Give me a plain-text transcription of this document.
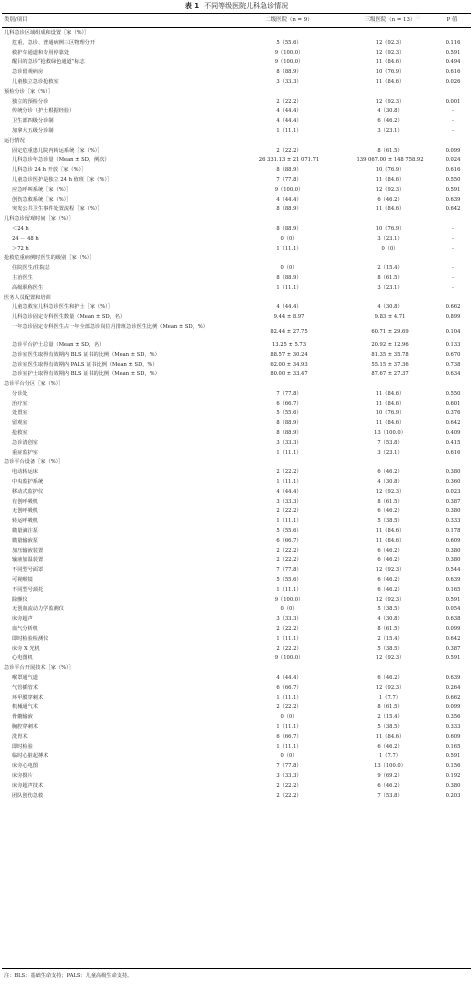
表 1 不同等级医院儿科急诊情况
类别/项目	二级医院（n = 9）	三级医院（n = 13）	P 值
⊙
儿科急诊区域组成和设置［家（%）］
危重、急诊、普通病例三区物理分开	5（55.6）	12（92.3）	0.116
救护车通道和专用停靠处	9（100.0）	12（92.3）	0.591
醒目的急诊“抢救绿色通道”标志	9（100.0）	11（84.6）	0.494
急诊留观病房	8（88.9）	10（76.9）	0.616
儿童独立急诊抢救室	3（33.3）	11（84.6）	0.026
预检分诊［家（%）］
独立的预检分诊	2（22.2）	12（92.3）	0.001
传统分诊（护士根据经验）	4（44.4）	4（30.8）	-
卫生部四级分诊制	4（44.4）	6（46.2）	-
加拿大五级分诊制	1（11.1）	3（23.1）	-
运行情况
固定危重患儿院内转运系统［家（%）］	2（22.2）	8（61.5）	0.099
儿科急诊年急诊量（Mean ± SD，例次）	26 331.13 ± 21 071.71	139 067.00 ± 148 758.92	0.024
儿科急诊 24 h 开放［家（%）］	8（88.9）	10（76.9）	0.616
儿童急诊医护是独立 24 h 值班［家（%）］	7（77.8）	11（84.6）	0.550
应急呼叫系统［家（%）］	9（100.0）	12（92.3）	0.591
创伤急救系统［家（%）］	4（44.4）	6（46.2）	0.639
突发公共卫生事件处置流程［家（%）］	8（88.9）	11（84.6）	0.642
儿科急诊留观时间［家（%）］
＜24 h	8（88.9）	10（76.9）	-
24 － 48 h	0（0）	3（23.1）	-
＞72 h	1（11.1）	0（0）	-
抢救危重病例时医生的级别［家（%）］
住院医生/住院总	0（0）	2（15.4）	-
主治医生	8（88.9）	8（61.5）	-
高级职称医生	1（11.1）	3（23.1）	-
医务人员配置和培训
儿童急救室儿科急诊医生和护士［家（%）］	4（44.4）	4（30.8）	0.662
儿科急诊固定专科医生数量（Mean ± SD，名）	9.44 ± 8.97	9.83 ± 4.71	0.899
一年急诊固定专科医生占一年全部急诊岗位月排班急诊医生比例（Mean ± SD，%）
82.44 ± 27.75	60.71 ± 29.69	0.104
急诊平台护士总量（Mean ± SD，名）	13.25 ± 5.73	20.92 ± 12.96	0.133
急诊室医生取得有效期内 BLS 证书的比例（Mean ± SD，%）	88.57 ± 30.24	81.35 ± 35.78	0.670
急诊室医生取得有效期内 PALS 证书比例（Mean ± SD，%）	62.00 ± 34.93	55.15 ± 37.36	0.738
急诊室护士取得有效期内 BLS 证书的比例（Mean ± SD，%）	80.00 ± 33.47	87.67 ± 27.37	0.634
急诊平台分区［家（%）］
分诊处	7（77.8）	11（84.6）	0.550
治疗室	6（66.7）	11（84.6）	0.601
处置室	5（55.6）	10（76.9）	0.376
留观室	8（88.9）	11（84.6）	0.642
抢救室	8（88.9）	13（100.0）	0.409
急诊清创室	3（33.3）	7（53.8）	0.415
重症监护室	1（11.1）	3（23.1）	0.616
急诊平台设备［家（%）］
电动转运床	2（22.2）	6（46.2）	0.380
中央监护系统	1（11.1）	4（30.8）	0.360
移动式监护仪	4（44.4）	12（92.3）	0.023
有创呼吸机	3（33.3）	8（61.5）	0.387
无创呼吸机	2（22.2）	6（46.2）	0.380
转运呼吸机	1（11.1）	5（38.5）	0.333
微量滴注泵	5（55.6）	11（84.6）	0.178
微量输液泵	6（66.7）	11（84.6）	0.609
加压输液装置	2（22.2）	6（46.2）	0.380
输液加温装置	2（22.2）	6（46.2）	0.380
不同型号面罩	7（77.8）	12（92.3）	0.544
可视喉镜	5（55.6）	6（46.2）	0.639
不同型号颈托	1（11.1）	6（46.2）	0.165
除颤仪	9（100.0）	12（92.3）	0.591
无创血流动力学监测仪	0（0）	5（38.5）	0.054
床旁超声	3（33.3）	4（30.8）	0.638
血气分析机	2（22.2）	8（61.5）	0.099
即时检验检测仪	1（11.1）	2（15.4）	0.642
床旁 X 光机	2（22.2）	5（38.5）	0.387
心电图机	9（100.0）	12（92.3）	0.591
急诊平台开展技术［家（%）］
喉罩通气道	4（44.4）	6（46.2）	0.639
气管插管术	6（66.7）	12（92.3）	0.264
环甲膜穿刺术	1（11.1）	1（7.7）	0.662
机械通气术	2（22.2）	8（61.5）	0.099
骨髓输液	0（0）	2（15.4）	0.356
胸腔穿刺术	1（11.1）	5（38.5）	0.333
洗胃术	6（66.7）	11（84.6）	0.609
即时检验	1（11.1）	6（46.2）	0.165
临时心脏起搏术	0（0）	1（7.7）	0.591
床旁心电图	7（77.8）	13（100.0）	0.156
床旁摄片	3（33.3）	9（69.2）	0.192
床旁超声技术	2（22.2）	6（46.2）	0.380
团队创伤急救	2（22.2）	7（53.8）	0.203
注：BLS：基础生命支持；PALS：儿童高级生命支持。
